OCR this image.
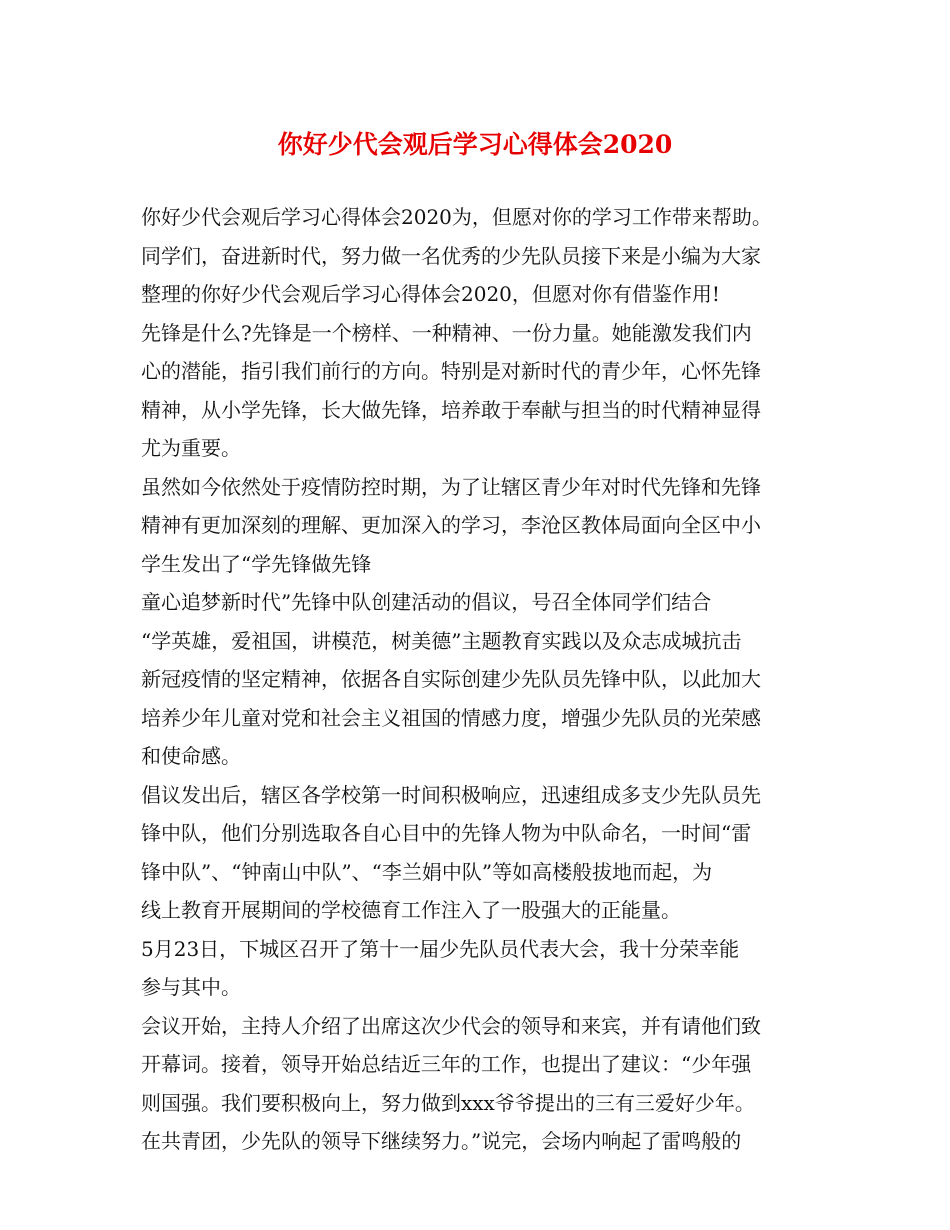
你好少代会观后学习心得体会2020

你好少代会观后学习心得体会2020为，但愿对你的学习工作带来帮助。

同学们，奋进新时代，努力做一名优秀的少先队员接下来是小编为大家

整理的你好少代会观后学习心得体会2020，但愿对你有借鉴作用!

先锋是什么?先锋是一个榜样、一种精神、一份力量。她能激发我们内

心的潜能，指引我们前行的方向。特别是对新时代的青少年，心怀先锋

精神，从小学先锋，长大做先锋，培养敢于奉献与担当的时代精神显得

尤为重要。

虽然如今依然处于疫情防控时期，为了让辖区青少年对时代先锋和先锋

精神有更加深刻的理解、更加深入的学习，李沧区教体局面向全区中小

学生发出了“学先锋做先锋

童心追梦新时代”先锋中队创建活动的倡议，号召全体同学们结合

“学英雄，爱祖国，讲模范，树美德”主题教育实践以及众志成城抗击

新冠疫情的坚定精神，依据各自实际创建少先队员先锋中队，以此加大

培养少年儿童对党和社会主义祖国的情感力度，增强少先队员的光荣感

和使命感。

倡议发出后，辖区各学校第一时间积极响应，迅速组成多支少先队员先

锋中队，他们分别选取各自心目中的先锋人物为中队命名，一时间“雷

锋中队”、“钟南山中队”、“李兰娟中队”等如高楼般拔地而起，为

线上教育开展期间的学校德育工作注入了一股强大的正能量。

5月23日，下城区召开了第十一届少先队员代表大会，我十分荣幸能

参与其中。

会议开始，主持人介绍了出席这次少代会的领导和来宾，并有请他们致

开幕词。接着，领导开始总结近三年的工作，也提出了建议：“少年强

则国强。我们要积极向上，努力做到xxx爷爷提出的三有三爱好少年。

在共青团，少先队的领导下继续努力。”说完，会场内响起了雷鸣般的
